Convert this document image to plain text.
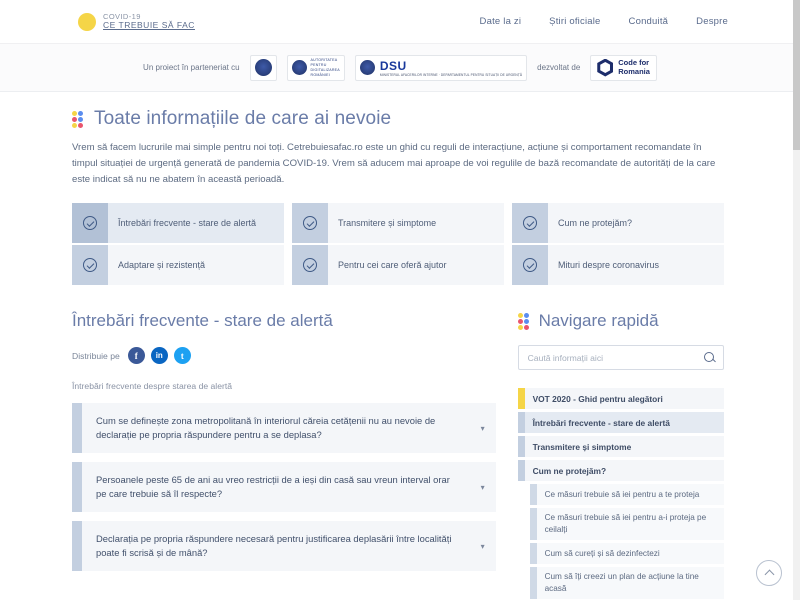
COVID-19
CE TREBUIE SĂ FAC	Date la zi	Știri oficiale	Conduită	Despre
Un proiect în parteneriat cu
AUTORITATEA
PENTRU
DIGITALIZAREA
ROMÂNIEI
DSU
MINISTERUL AFACERILOR INTERNE · DEPARTAMENTUL PENTRU SITUAȚII DE URGENȚĂ
dezvoltat de
Code for
Romania
Toate informațiile de care ai nevoie

Vrem să facem lucrurile mai simple pentru noi toți. Cetrebuiesafac.ro este un ghid cu reguli de interacțiune, acțiune și comportament recomandate în timpul situației de urgență generată de pandemia COVID-19. Vrem să aducem mai aproape de voi regulile de bază recomandate de autorități de la care este indicat să nu ne abatem în această perioadă.

Întrebări frecvente - stare de alertă	Transmitere și simptome	Cum ne protejăm?
Adaptare și rezistență	Pentru cei care oferă ajutor	Mituri despre coronavirus
Întrebări frecvente - stare de alertă
Distribuie pe	f	in	t
Întrebări frecvente despre starea de alertă
Cum se definește zona metropolitană în interiorul căreia cetățenii nu au nevoie de declarație pe propria răspundere pentru a se deplasa?
▾
Persoanele peste 65 de ani au vreo restricții de a ieși din casă sau vreun interval orar pe care trebuie să îl respecte?
▾
Declarația pe propria răspundere necesară pentru justificarea deplasării între localități poate fi scrisă și de mână?
▾
Navigare rapidă
Caută informații aici
VOT 2020 - Ghid pentru alegători
Întrebări frecvente - stare de alertă
Transmitere și simptome
Cum ne protejăm?
Ce măsuri trebuie să iei pentru a te proteja
Ce măsuri trebuie să iei pentru a-i proteja pe ceilalți
Cum să cureți și să dezinfectezi
Cum să îți creezi un plan de acțiune la tine acasă
